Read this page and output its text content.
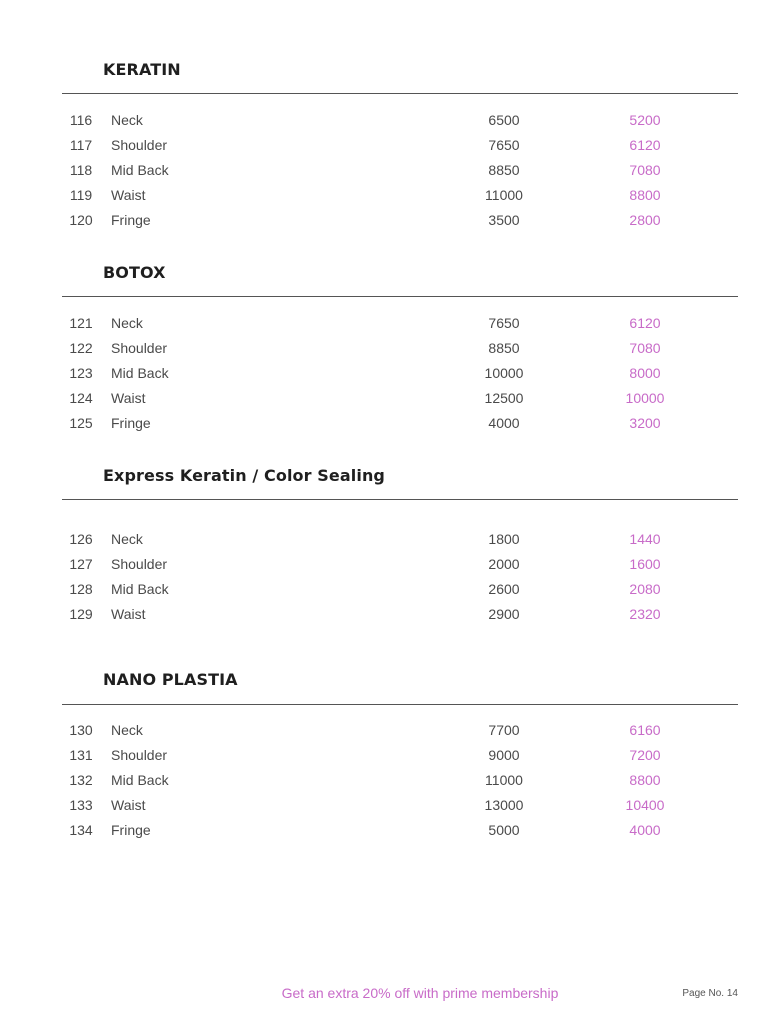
KERATIN
116	Neck	6500	5200
117	Shoulder	7650	6120
118	Mid Back	8850	7080
119	Waist	11000	8800
120	Fringe	3500	2800
BOTOX
121	Neck	7650	6120
122	Shoulder	8850	7080
123	Mid Back	10000	8000
124	Waist	12500	10000
125	Fringe	4000	3200
Express Keratin / Color Sealing
126	Neck	1800	1440
127	Shoulder	2000	1600
128	Mid Back	2600	2080
129	Waist	2900	2320
NANO PLASTIA
130	Neck	7700	6160
131	Shoulder	9000	7200
132	Mid Back	11000	8800
133	Waist	13000	10400
134	Fringe	5000	4000
Get an extra 20% off with prime membership	Page No. 14
